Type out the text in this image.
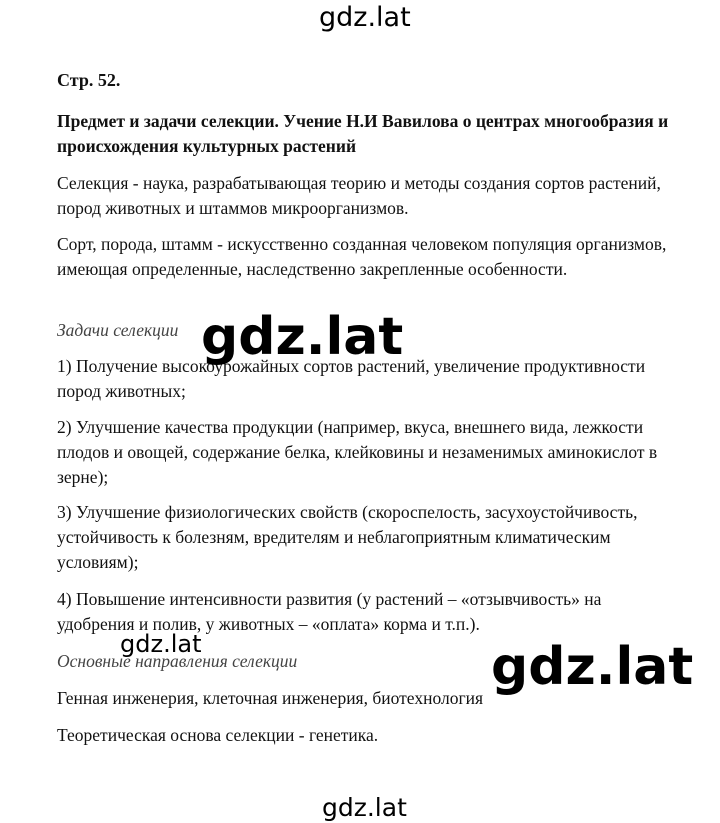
gdz.lat
Стр. 52.
Предмет и задачи селекции. Учение Н.И Вавилова о центрах многообразия и происхождения культурных растений

Селекция - наука, разрабатывающая теорию и методы создания сортов растений, пород животных и штаммов микроорганизмов.

Сорт, порода, штамм - искусственно созданная человеком популяция организмов, имеющая определенные, наследственно закрепленные особенности.

Задачи селекции

1) Получение высокоурожайных сортов растений, увеличение продуктивности пород животных;

2) Улучшение качества продукции (например, вкуса, внешнего вида, лежкости плодов и овощей, содержание белка, клейковины и незаменимых аминокислот в зерне);

3) Улучшение физиологических свойств (скороспелость, засухоустойчивость, устойчивость к болезням, вредителям и неблагоприятным климатическим условиям);

4) Повышение интенсивности развития (у растений – «отзывчивость» на удобрения и полив, у животных – «оплата» корма и т.п.).

Основные направления селекции

Генная инженерия, клеточная инженерия, биотехнология

Теоретическая основа селекции - генетика.

gdz.lat
gdz.lat	gdz.lat
gdz.lat
